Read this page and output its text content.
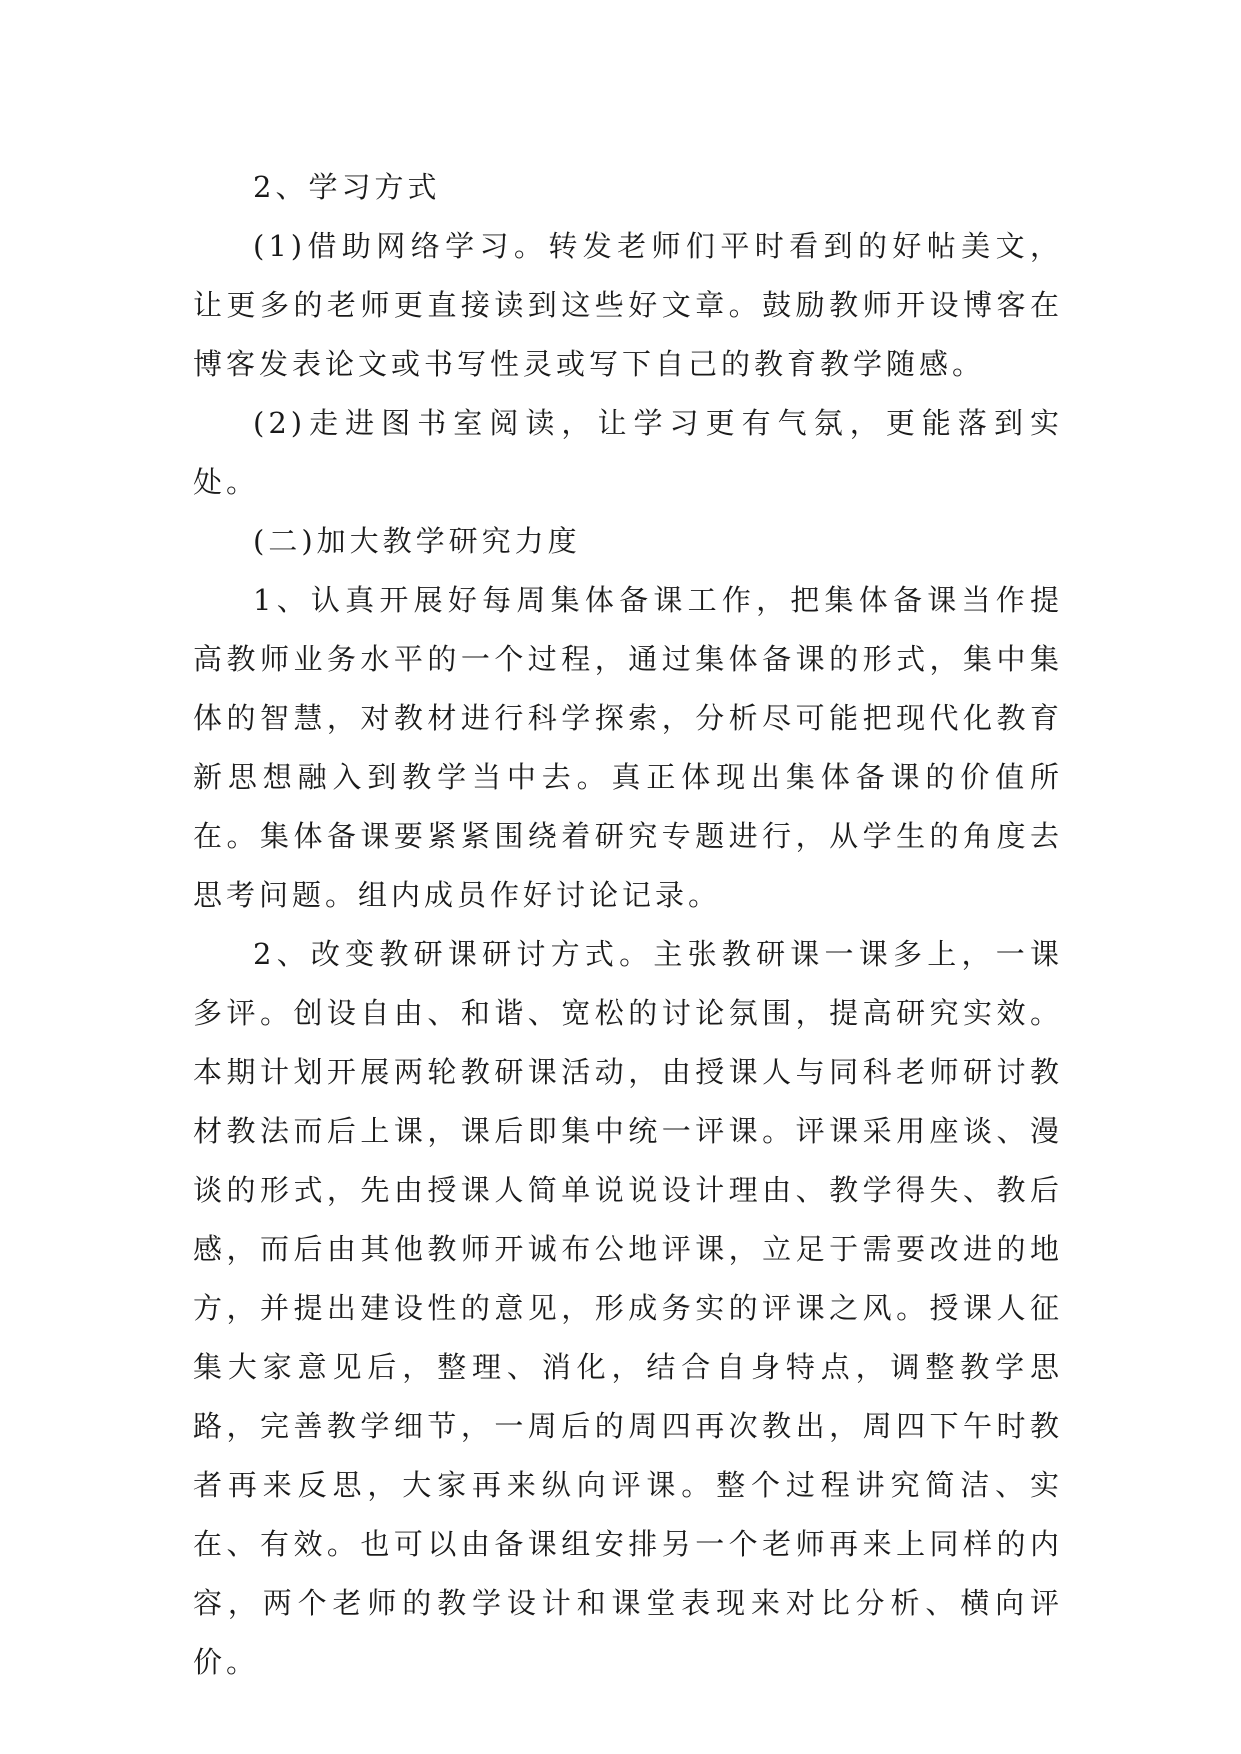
2、学习方式

(1)借助网络学习。转发老师们平时看到的好帖美文，让更多的老师更直接读到这些好文章。鼓励教师开设博客在博客发表论文或书写性灵或写下自己的教育教学随感。

(2)走进图书室阅读，让学习更有气氛，更能落到实处。

(二)加大教学研究力度

1、认真开展好每周集体备课工作，把集体备课当作提高教师业务水平的一个过程，通过集体备课的形式，集中集体的智慧，对教材进行科学探索，分析尽可能把现代化教育新思想融入到教学当中去。真正体现出集体备课的价值所在。集体备课要紧紧围绕着研究专题进行，从学生的角度去思考问题。组内成员作好讨论记录。

2、改变教研课研讨方式。主张教研课一课多上，一课多评。创设自由、和谐、宽松的讨论氛围，提高研究实效。本期计划开展两轮教研课活动，由授课人与同科老师研讨教材教法而后上课，课后即集中统一评课。评课采用座谈、漫谈的形式，先由授课人简单说说设计理由、教学得失、教后感，而后由其他教师开诚布公地评课，立足于需要改进的地方，并提出建设性的意见，形成务实的评课之风。授课人征集大家意见后，整理、消化，结合自身特点，调整教学思路，完善教学细节，一周后的周四再次教出，周四下午时教者再来反思，大家再来纵向评课。整个过程讲究简洁、实在、有效。也可以由备课组安排另一个老师再来上同样的内容，两个老师的教学设计和课堂表现来对比分析、横向评价。
